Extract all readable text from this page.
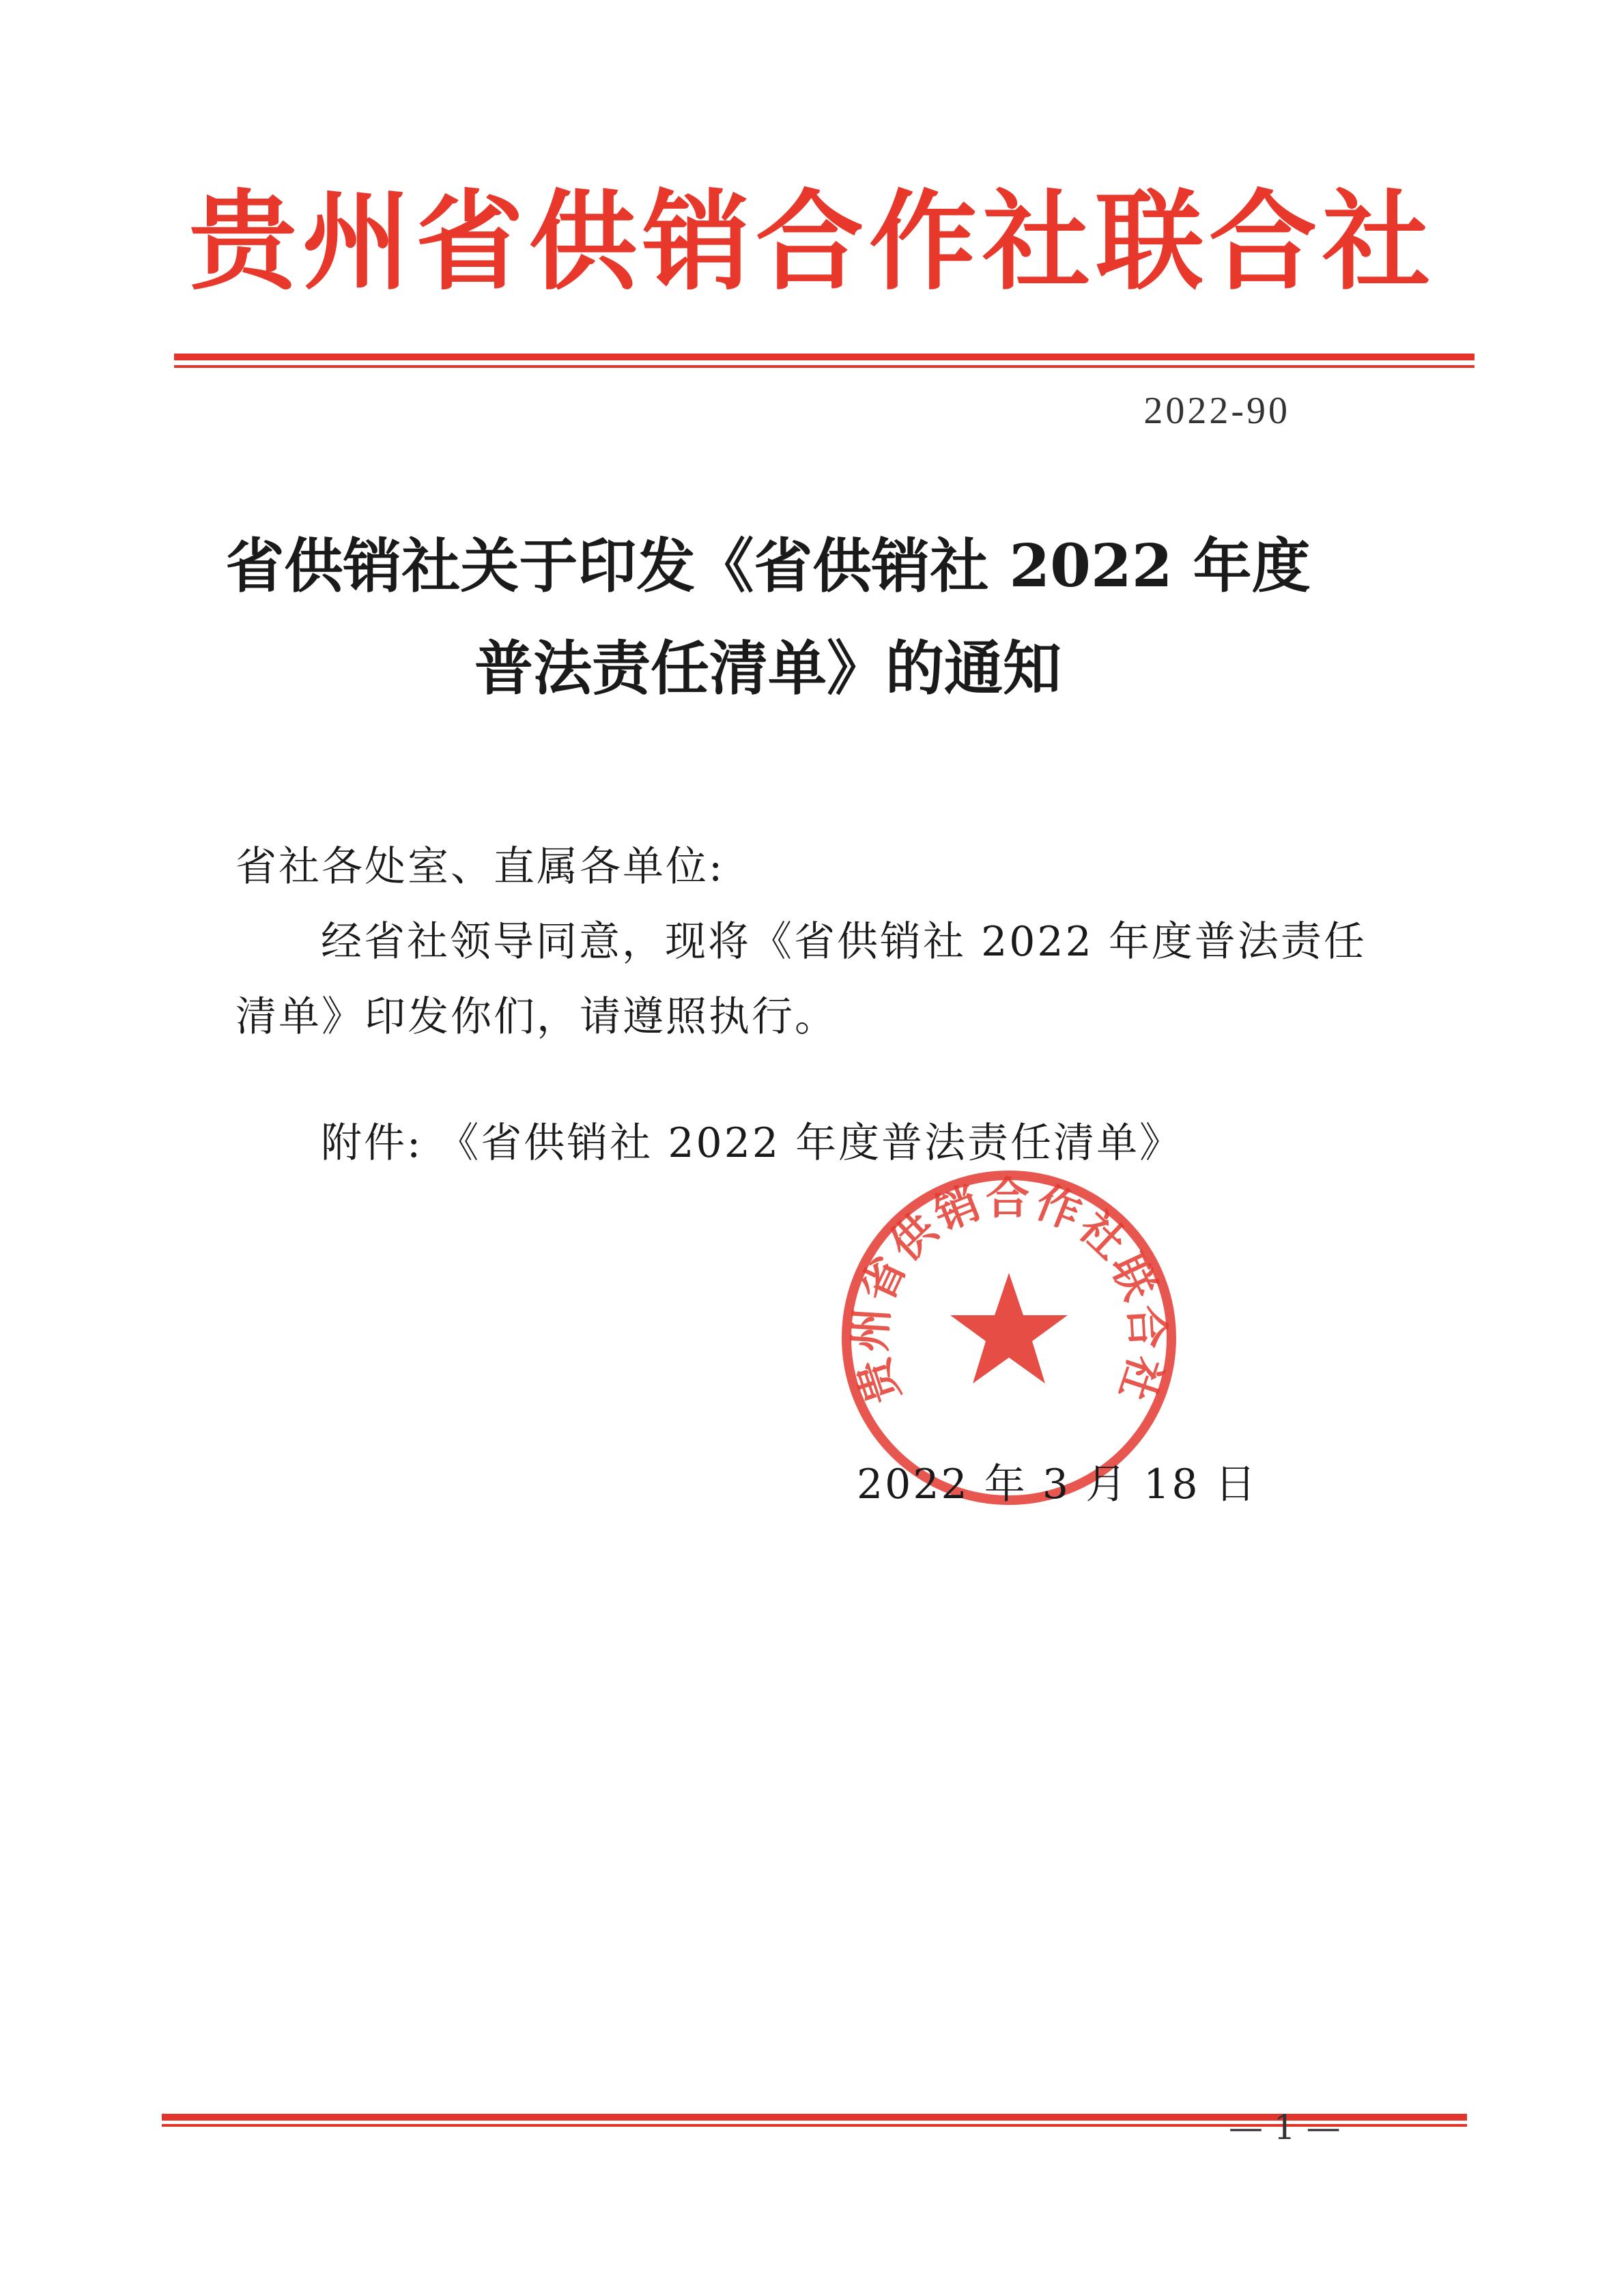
贵州省供销合作社联合社
2022-90
省供销社关于印发《省供销社 2022 年度
普法责任清单》的通知
省社各处室、直属各单位:
经省社领导同意，现将《省供销社 2022 年度普法责任
清单》印发你们，请遵照执行。
附件: 《省供销社 2022 年度普法责任清单》
贵州省供销合作社联合社
2022 年 3 月 18 日
— 1 —
